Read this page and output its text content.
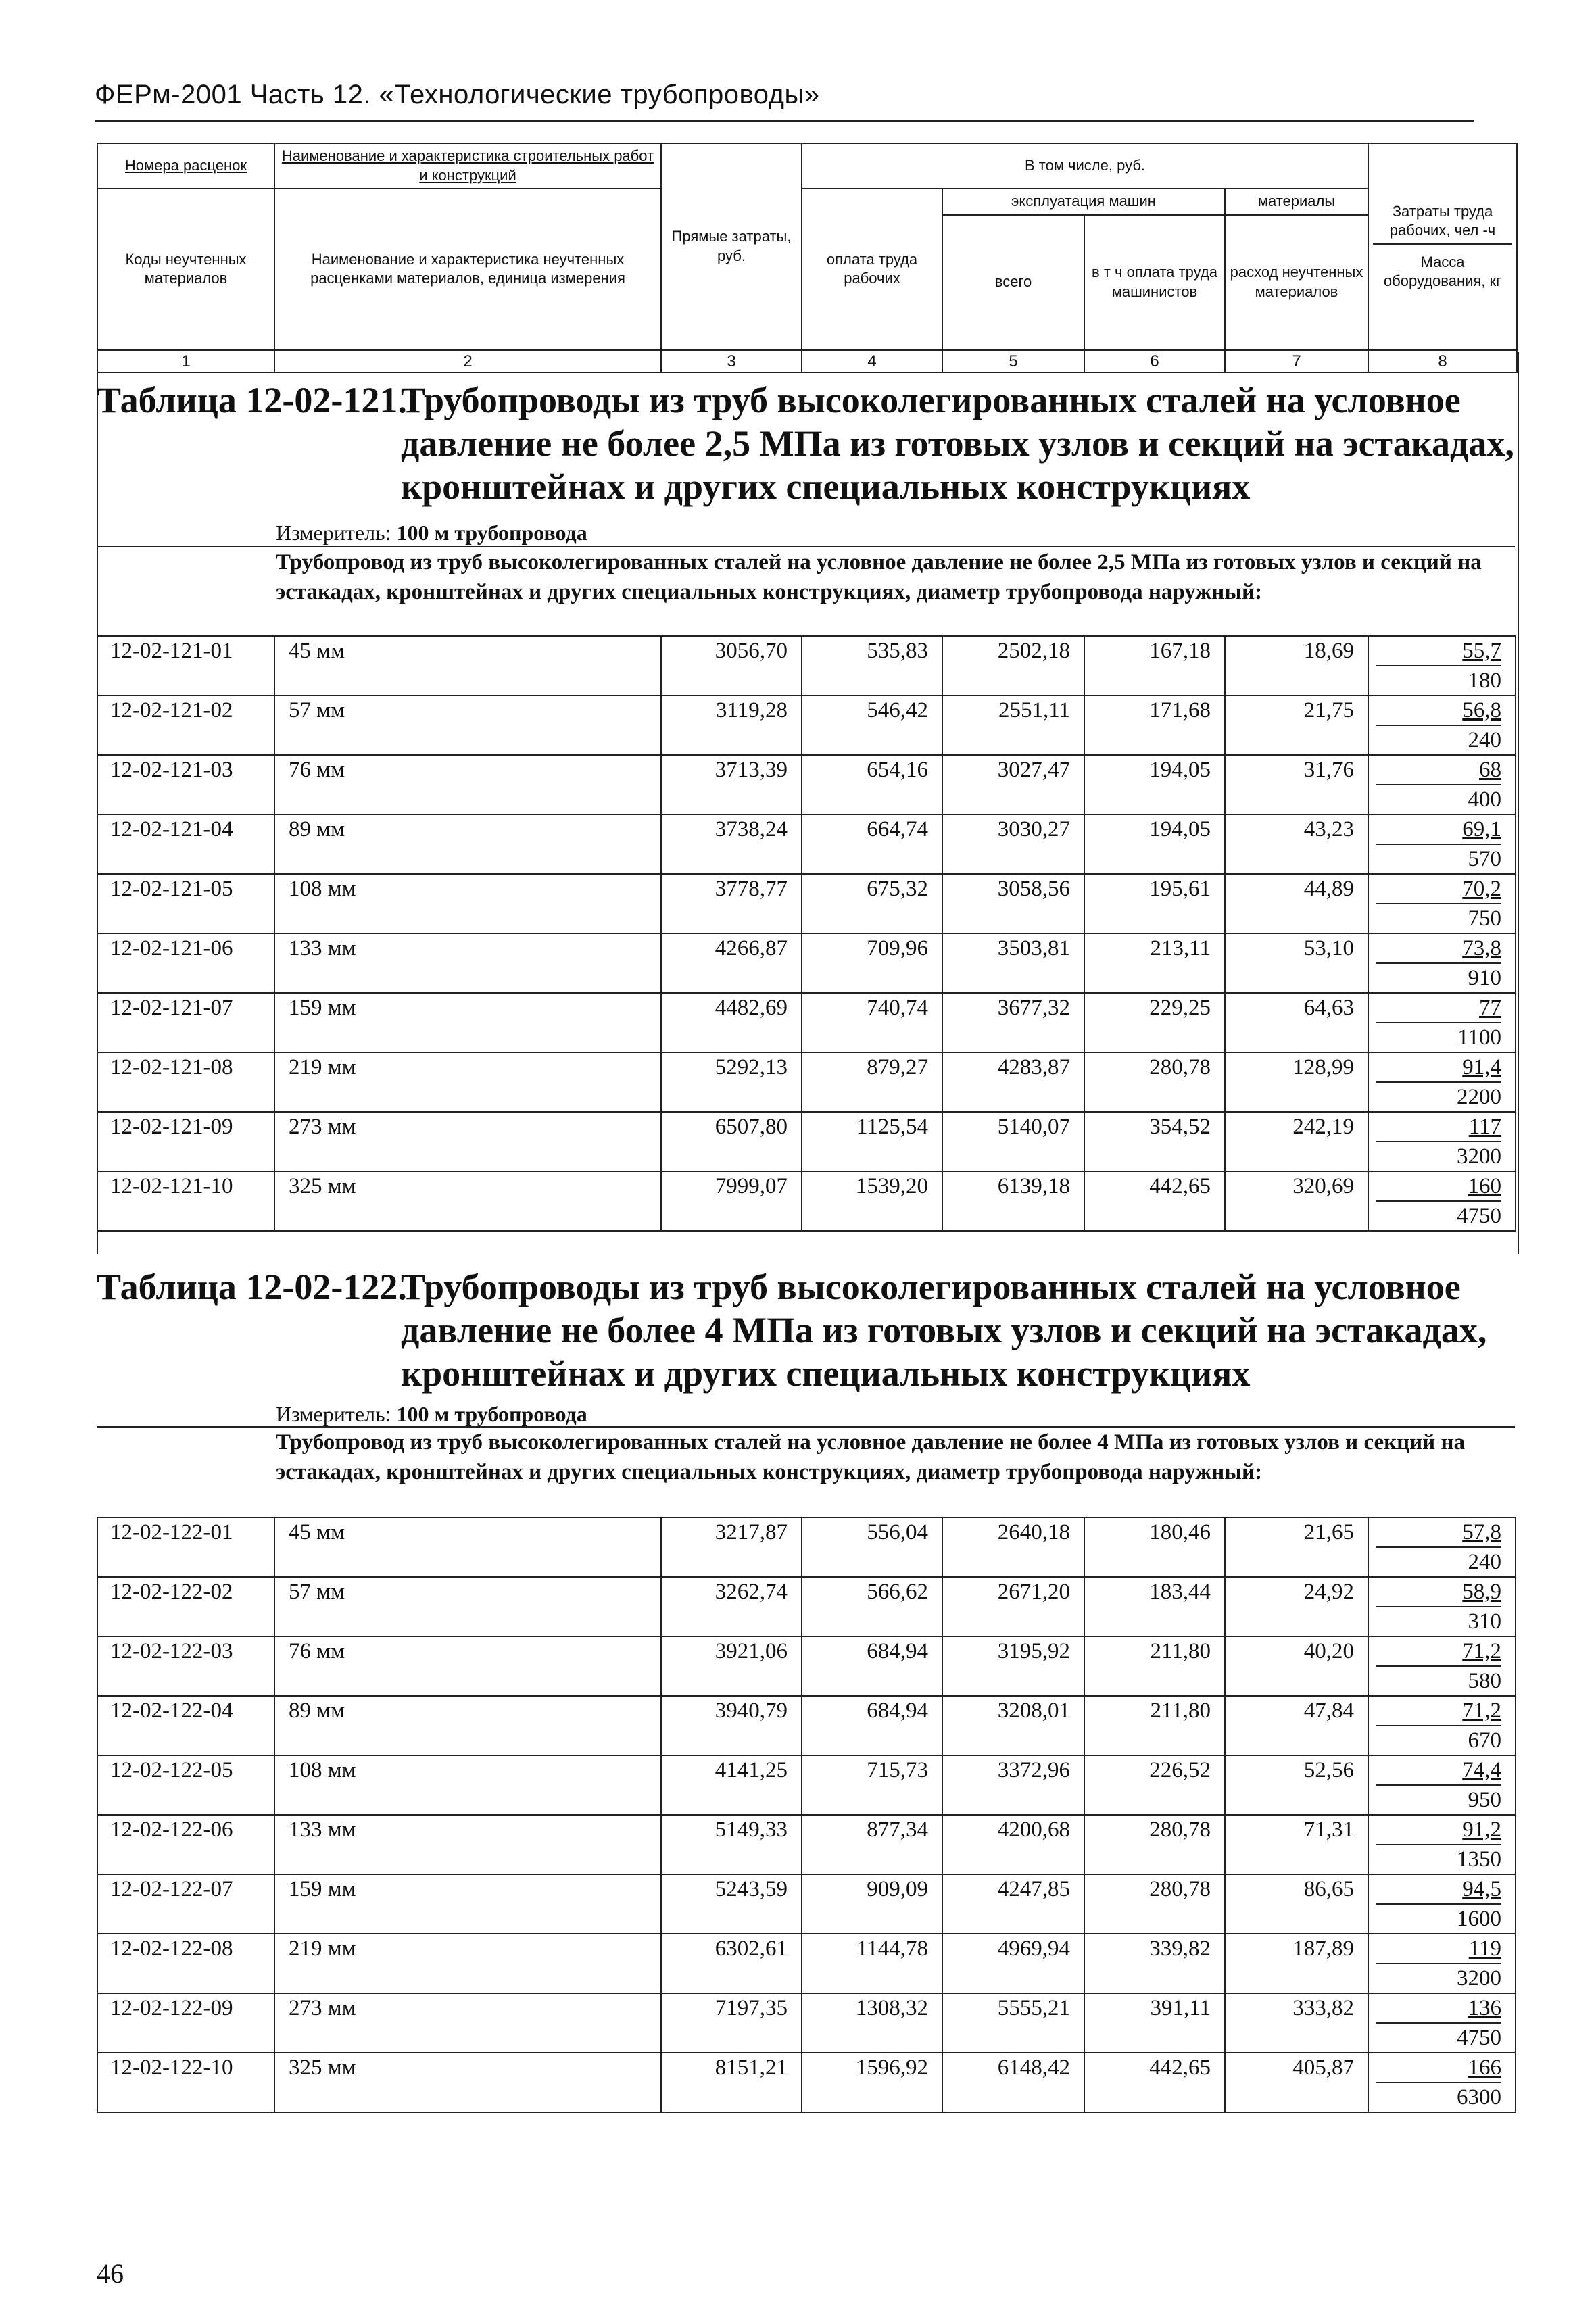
ФЕРм-2001 Часть 12. «Технологические трубопроводы»
Номера расценок	Наименование и характеристика строительных работ и конструкций	Прямые затраты, руб.	В том числе, руб.				Затраты труда рабочих, чел -ч
Масса оборудования, кг

Коды неучтенных материалов	Наименование и характеристика неучтенных расценками материалов, единица измерения		оплата труда рабочих	эксплуатация машин		материалы	
				всего	в т ч оплата труда машинистов	расход неучтенных материалов	
1	2	3	4	5	6	7	8
Таблица 12-02-121.
Трубопроводы из труб высоколегированных сталей на условное давление не более 2,5 МПа из готовых узлов и секций на эстакадах, кронштейнах и других специальных конструкциях
Измеритель: 100 м трубопровода
Трубопровод из труб высоколегированных сталей на условное давление не более 2,5 МПа из готовых узлов и секций на эстакадах, кронштейнах и других специальных конструкциях, диаметр трубопровода наружный:
12-02-121-01	45 мм	3056,70	535,83	2502,18	167,18	18,69	55,7
180

12-02-121-02	57 мм	3119,28	546,42	2551,11	171,68	21,75	56,8
240

12-02-121-03	76 мм	3713,39	654,16	3027,47	194,05	31,76	68
400

12-02-121-04	89 мм	3738,24	664,74	3030,27	194,05	43,23	69,1
570

12-02-121-05	108 мм	3778,77	675,32	3058,56	195,61	44,89	70,2
750

12-02-121-06	133 мм	4266,87	709,96	3503,81	213,11	53,10	73,8
910

12-02-121-07	159 мм	4482,69	740,74	3677,32	229,25	64,63	77
1100

12-02-121-08	219 мм	5292,13	879,27	4283,87	280,78	128,99	91,4
2200

12-02-121-09	273 мм	6507,80	1125,54	5140,07	354,52	242,19	117
3200

12-02-121-10	325 мм	7999,07	1539,20	6139,18	442,65	320,69	160
4750
Таблица 12-02-122.
Трубопроводы из труб высоколегированных сталей на условное давление не более 4 МПа из готовых узлов и секций на эстакадах, кронштейнах и других специальных конструкциях
Измеритель: 100 м трубопровода
Трубопровод из труб высоколегированных сталей на условное давление не более 4 МПа из готовых узлов и секций на эстакадах, кронштейнах и других специальных конструкциях, диаметр трубопровода наружный:
12-02-122-01	45 мм	3217,87	556,04	2640,18	180,46	21,65	57,8
240

12-02-122-02	57 мм	3262,74	566,62	2671,20	183,44	24,92	58,9
310

12-02-122-03	76 мм	3921,06	684,94	3195,92	211,80	40,20	71,2
580

12-02-122-04	89 мм	3940,79	684,94	3208,01	211,80	47,84	71,2
670

12-02-122-05	108 мм	4141,25	715,73	3372,96	226,52	52,56	74,4
950

12-02-122-06	133 мм	5149,33	877,34	4200,68	280,78	71,31	91,2
1350

12-02-122-07	159 мм	5243,59	909,09	4247,85	280,78	86,65	94,5
1600

12-02-122-08	219 мм	6302,61	1144,78	4969,94	339,82	187,89	119
3200

12-02-122-09	273 мм	7197,35	1308,32	5555,21	391,11	333,82	136
4750

12-02-122-10	325 мм	8151,21	1596,92	6148,42	442,65	405,87	166
6300
46
